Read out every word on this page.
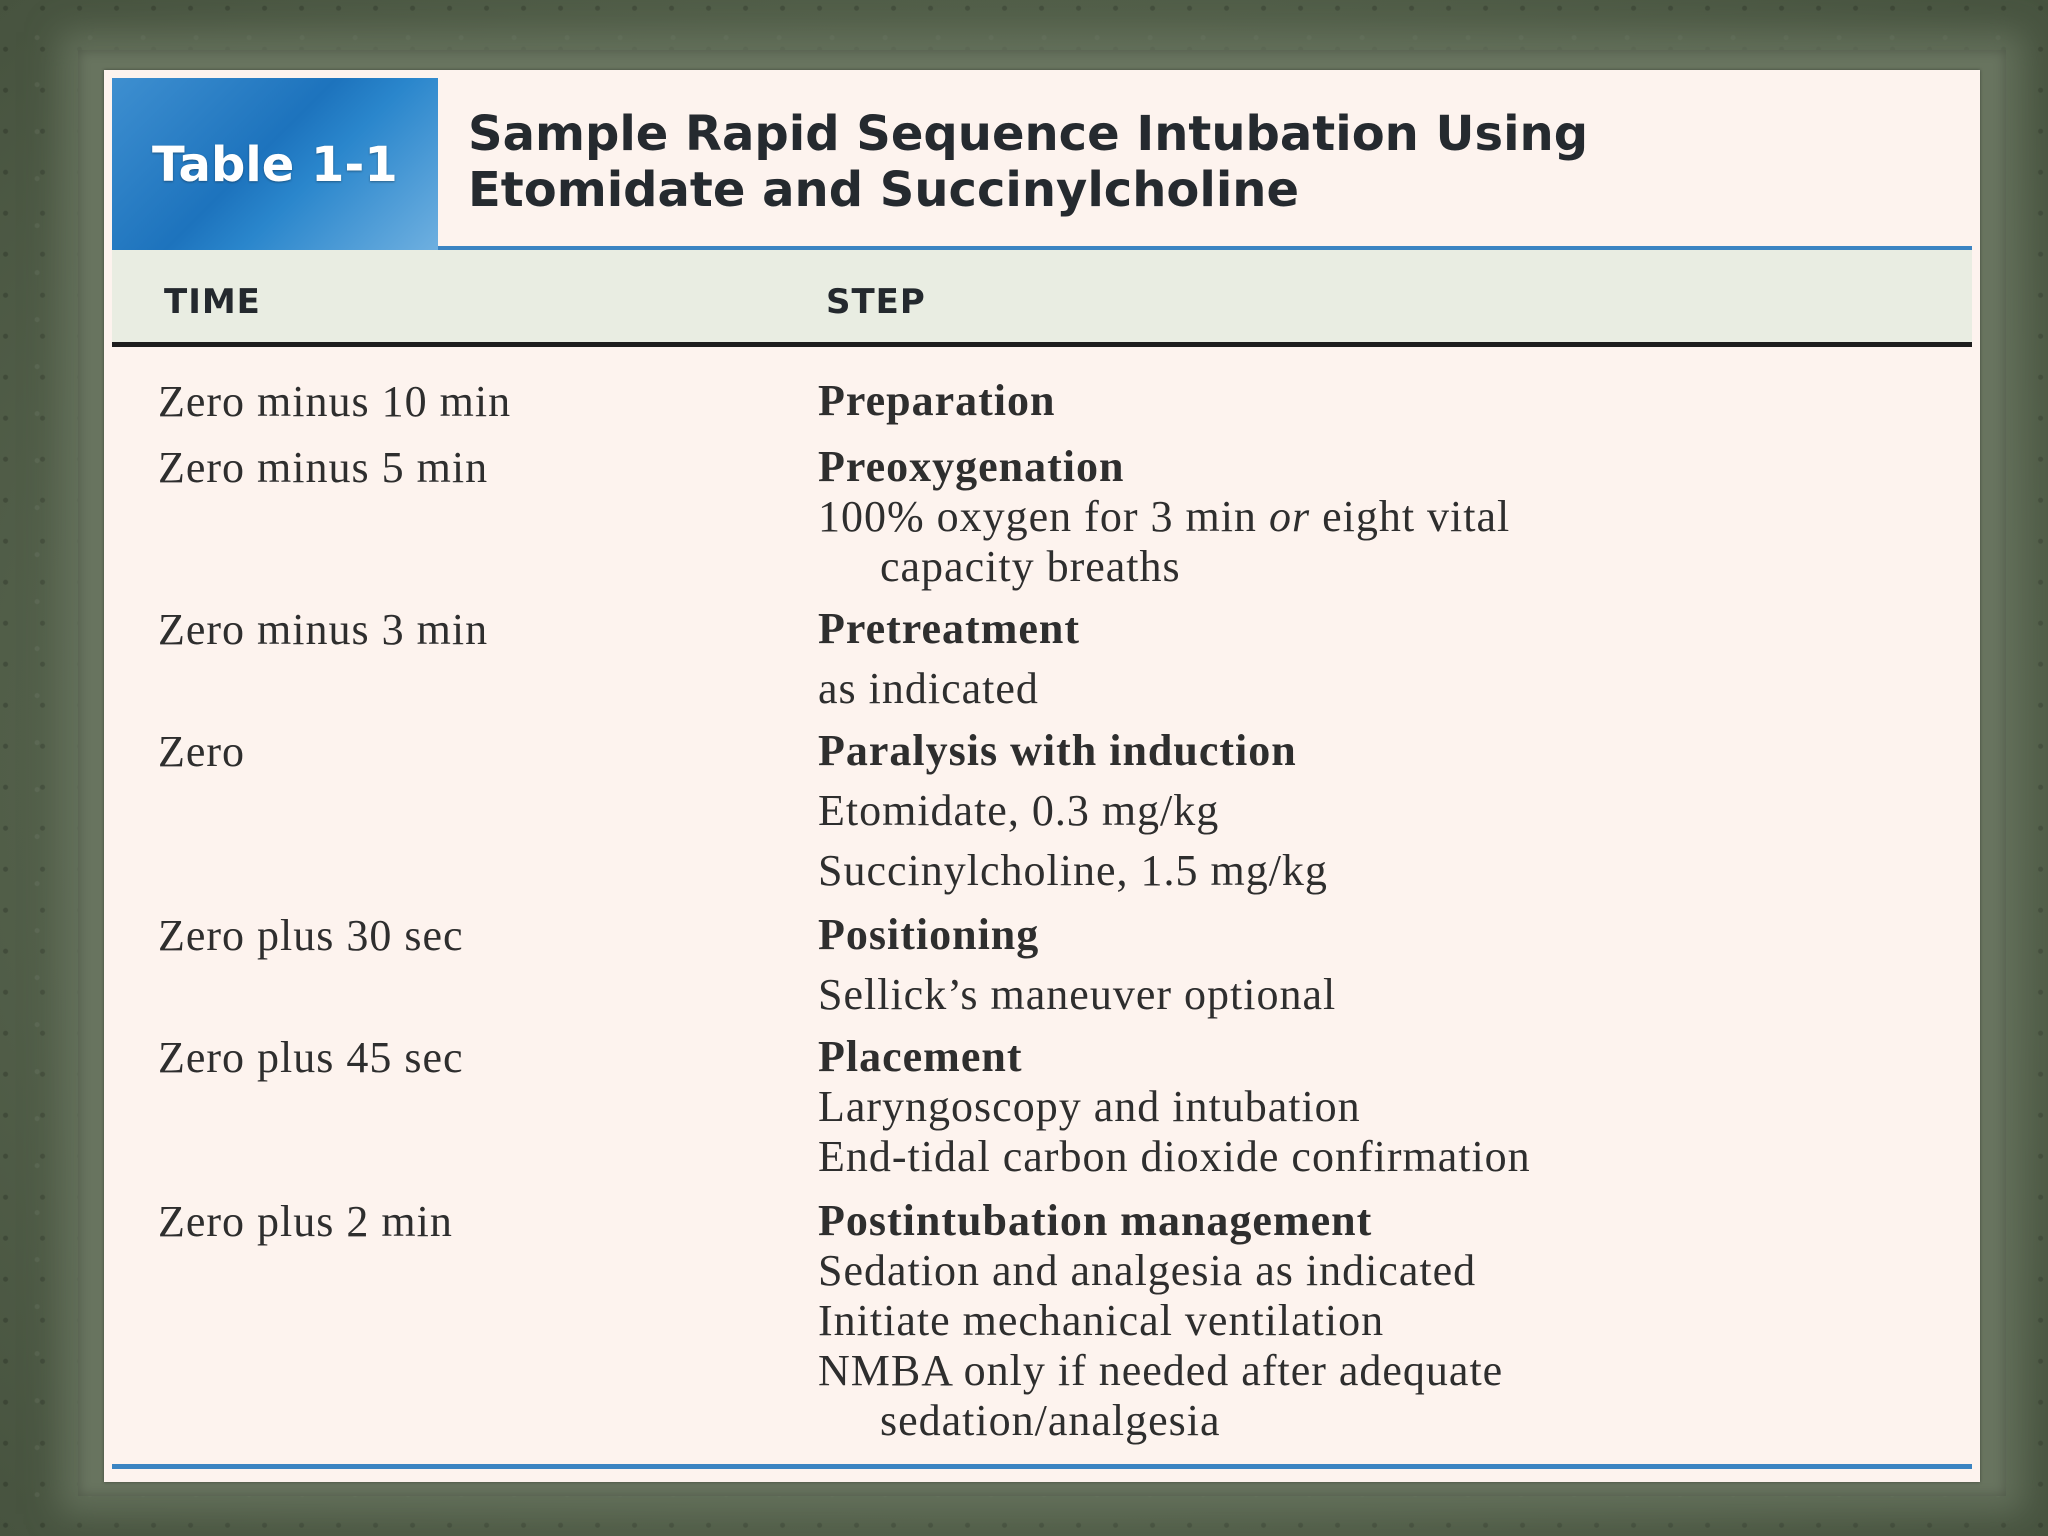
Table 1-1
Sample Rapid Sequence Intubation Using
Etomidate and Succinylcholine
TIME	STEP
Zero minus 10 min	Preparation
Zero minus 5 min	Preoxygenation
100% oxygen for 3 min or eight vital
capacity breaths
Zero minus 3 min	Pretreatment
as indicated
Zero	Paralysis with induction
Etomidate, 0.3 mg/kg
Succinylcholine, 1.5 mg/kg
Zero plus 30 sec	Positioning
Sellick’s maneuver optional
Zero plus 45 sec	Placement
Laryngoscopy and intubation
End-tidal carbon dioxide confirmation
Zero plus 2 min	Postintubation management
Sedation and analgesia as indicated
Initiate mechanical ventilation
NMBA only if needed after adequate
sedation/analgesia
